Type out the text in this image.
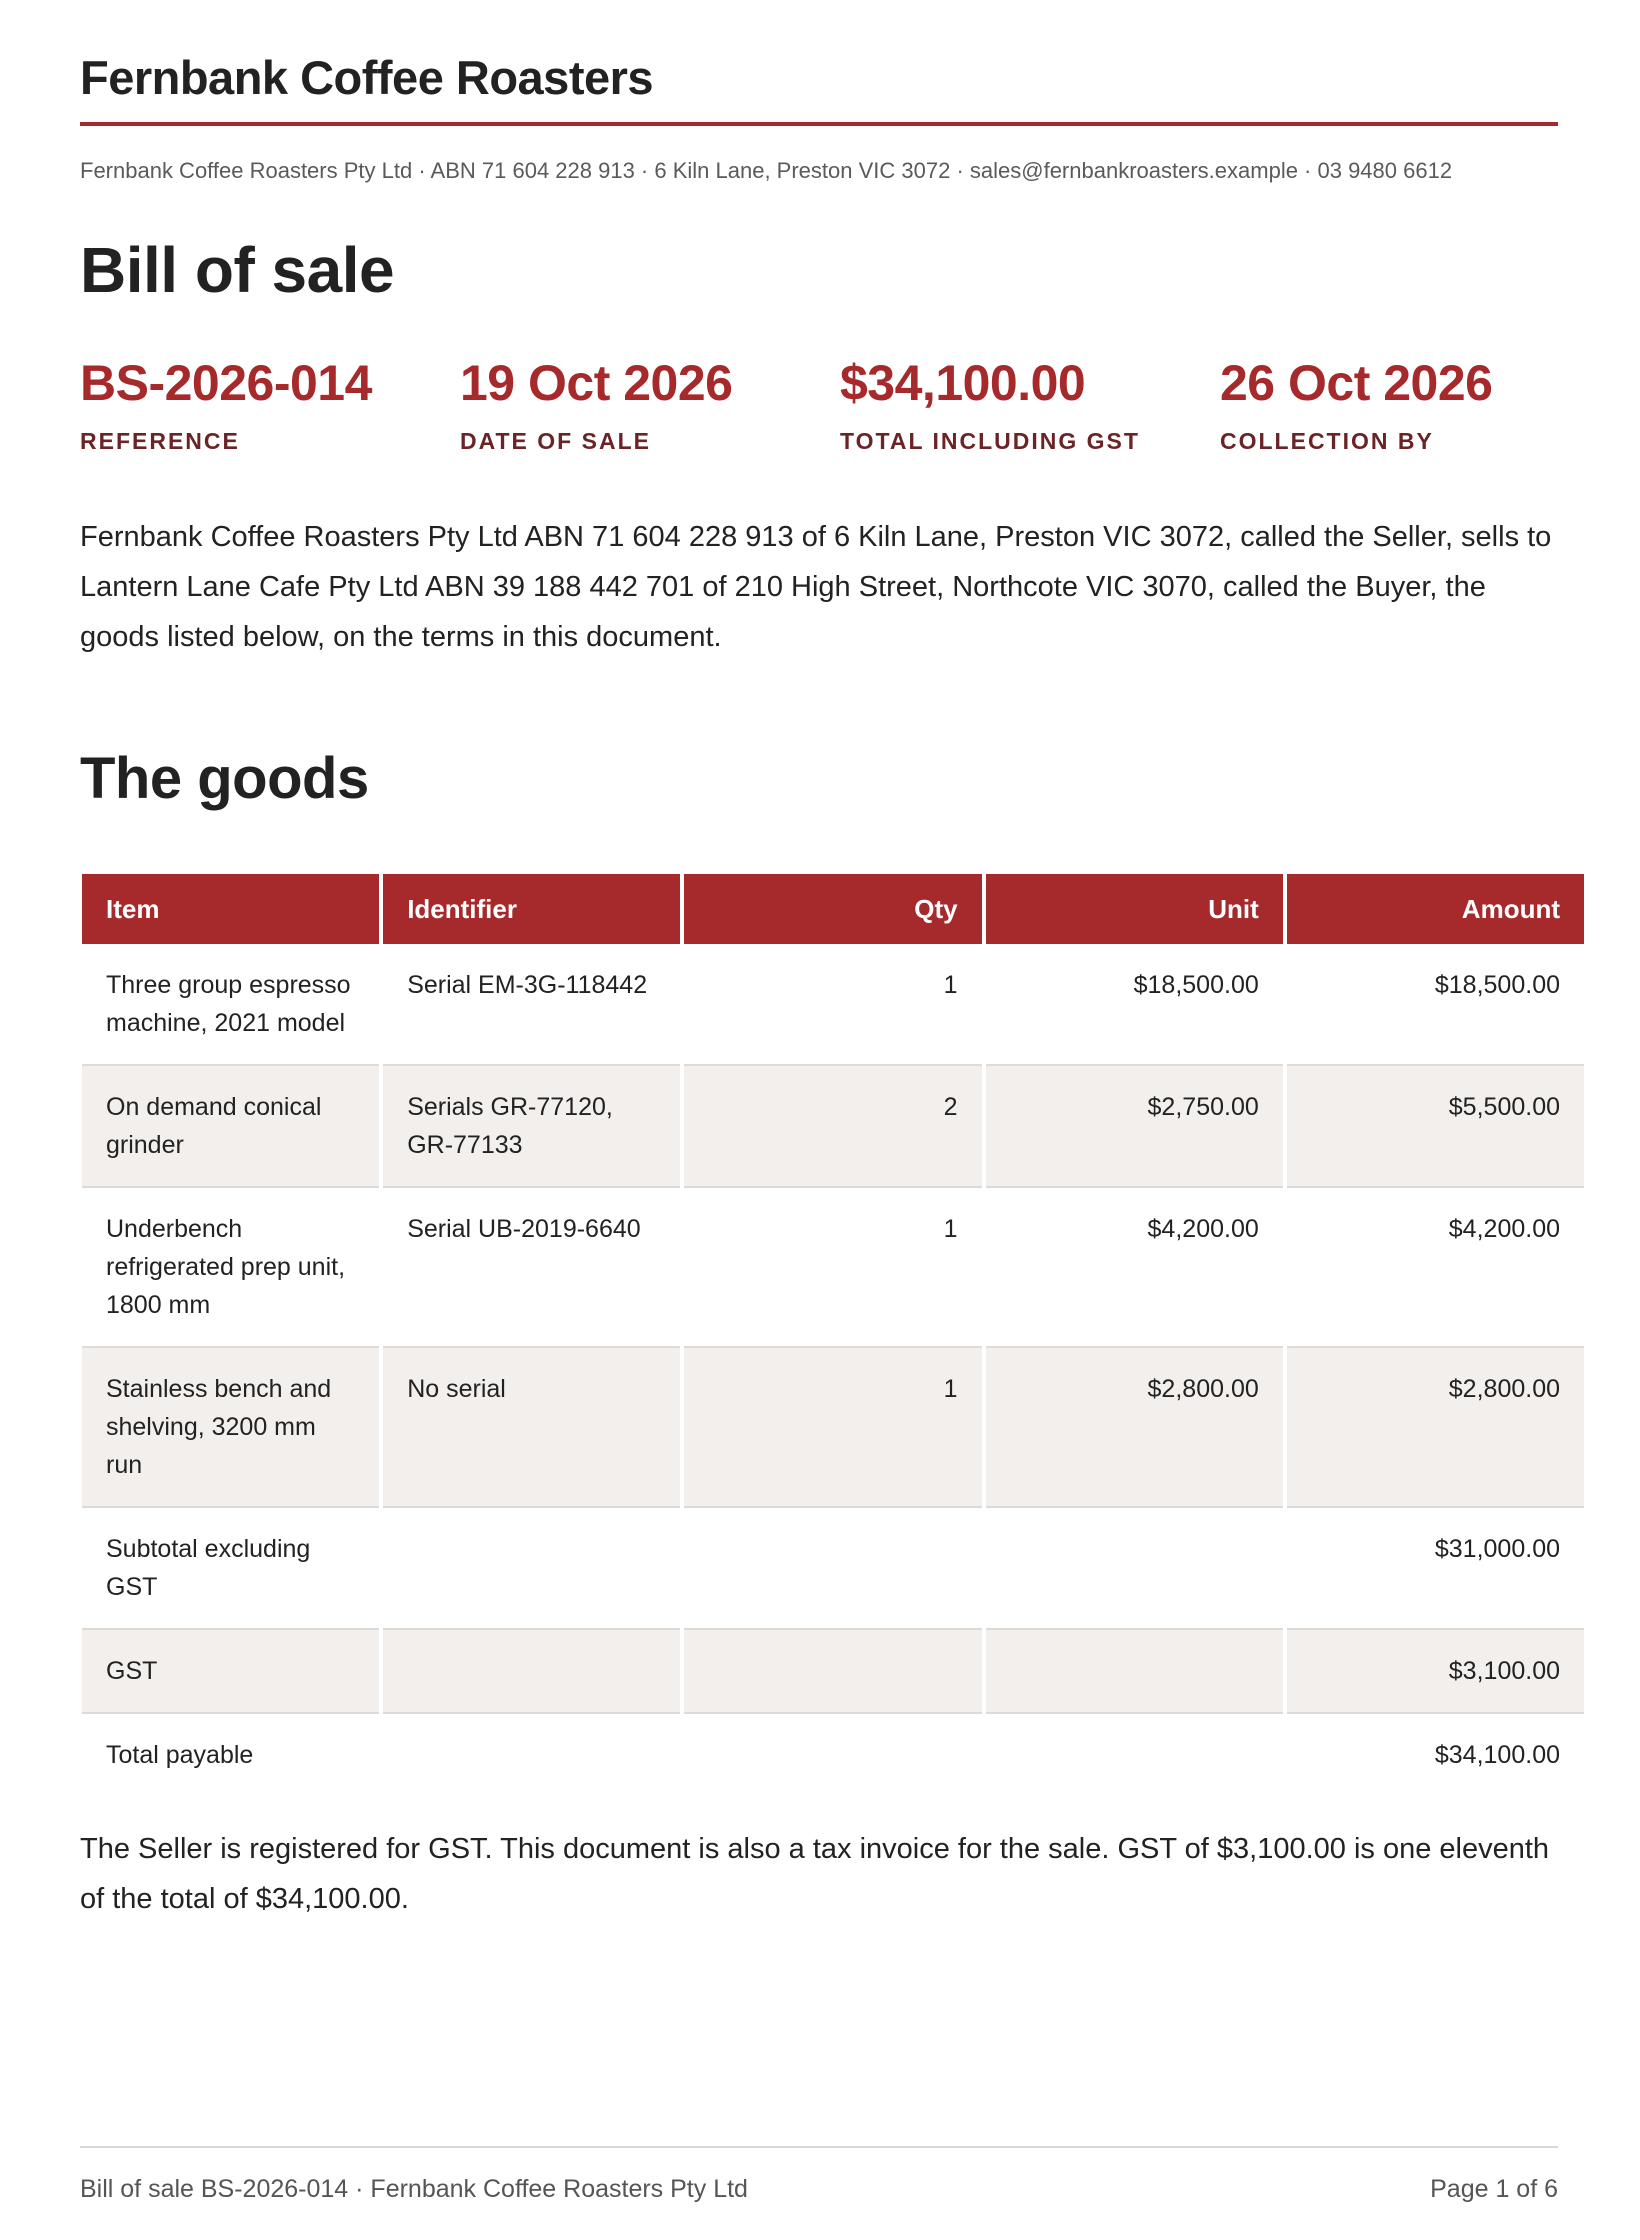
Fernbank Coffee Roasters
Fernbank Coffee Roasters Pty Ltd · ABN 71 604 228 913 · 6 Kiln Lane, Preston VIC 3072 · sales@fernbankroasters.example · 03 9480 6612
Bill of sale
BS-2026-014
REFERENCE
19 Oct 2026
DATE OF SALE
$34,100.00
TOTAL INCLUDING GST
26 Oct 2026
COLLECTION BY

Fernbank Coffee Roasters Pty Ltd ABN 71 604 228 913 of 6 Kiln Lane, Preston VIC 3072, called the Seller, sells to Lantern Lane Cafe Pty Ltd ABN 39 188 442 701 of 210 High Street, Northcote VIC 3070, called the Buyer, the goods listed below, on the terms in this document.

The goods
Item	Identifier	Qty	Unit	Amount
Three group espresso machine, 2021 model	Serial EM-3G-118442	1	$18,500.00	$18,500.00
On demand conical grinder	Serials GR-77120, GR-77133	2	$2,750.00	$5,500.00
Underbench refrigerated prep unit, 1800 mm	Serial UB-2019-6640	1	$4,200.00	$4,200.00
Stainless bench and shelving, 3200 mm run	No serial	1	$2,800.00	$2,800.00
Subtotal excluding GST				$31,000.00
GST				$3,100.00
Total payable				$34,100.00

The Seller is registered for GST. This document is also a tax invoice for the sale. GST of $3,100.00 is one eleventh of the total of $34,100.00.

Bill of sale BS-2026-014 · Fernbank Coffee Roasters Pty Ltd	Page 1 of 6
